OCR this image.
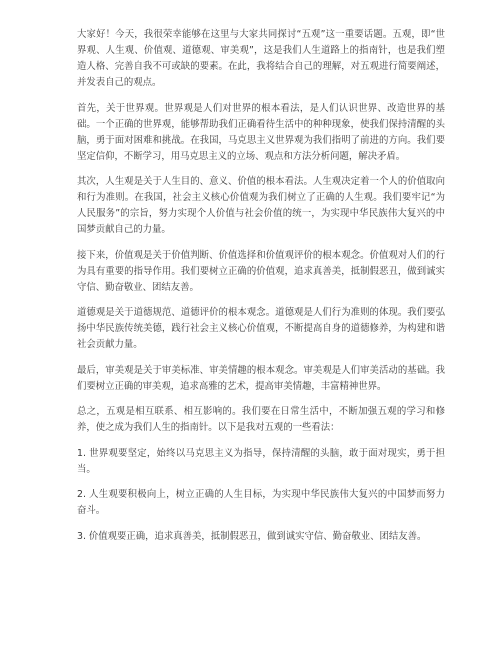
大家好！今天，我很荣幸能够在这里与大家共同探讨“五观”这一重要话题。五观，即“世界观、人生观、价值观、道德观、审美观”，这是我们人生道路上的指南针，也是我们塑造人格、完善自我不可或缺的要素。在此，我将结合自己的理解，对五观进行简要阐述，并发表自己的观点。

首先，关于世界观。世界观是人们对世界的根本看法，是人们认识世界、改造世界的基础。一个正确的世界观，能够帮助我们正确看待生活中的种种现象，使我们保持清醒的头脑，勇于面对困难和挑战。在我国，马克思主义世界观为我们指明了前进的方向。我们要坚定信仰，不断学习，用马克思主义的立场、观点和方法分析问题，解决矛盾。

其次，人生观是关于人生目的、意义、价值的根本看法。人生观决定着一个人的价值取向和行为准则。在我国，社会主义核心价值观为我们树立了正确的人生观。我们要牢记“为人民服务”的宗旨，努力实现个人价值与社会价值的统一，为实现中华民族伟大复兴的中国梦贡献自己的力量。

接下来，价值观是关于价值判断、价值选择和价值观评价的根本观念。价值观对人们的行为具有重要的指导作用。我们要树立正确的价值观，追求真善美，抵制假恶丑，做到诚实守信、勤奋敬业、团结友善。

道德观是关于道德规范、道德评价的根本观念。道德观是人们行为准则的体现。我们要弘扬中华民族传统美德，践行社会主义核心价值观，不断提高自身的道德修养，为构建和谐社会贡献力量。

最后，审美观是关于审美标准、审美情趣的根本观念。审美观是人们审美活动的基础。我们要树立正确的审美观，追求高雅的艺术，提高审美情趣，丰富精神世界。

总之，五观是相互联系、相互影响的。我们要在日常生活中，不断加强五观的学习和修养，使之成为我们人生的指南针。以下是我对五观的一些看法：

1. 世界观要坚定，始终以马克思主义为指导，保持清醒的头脑，敢于面对现实，勇于担当。

2. 人生观要积极向上，树立正确的人生目标，为实现中华民族伟大复兴的中国梦而努力奋斗。

3. 价值观要正确，追求真善美，抵制假恶丑，做到诚实守信、勤奋敬业、团结友善。
